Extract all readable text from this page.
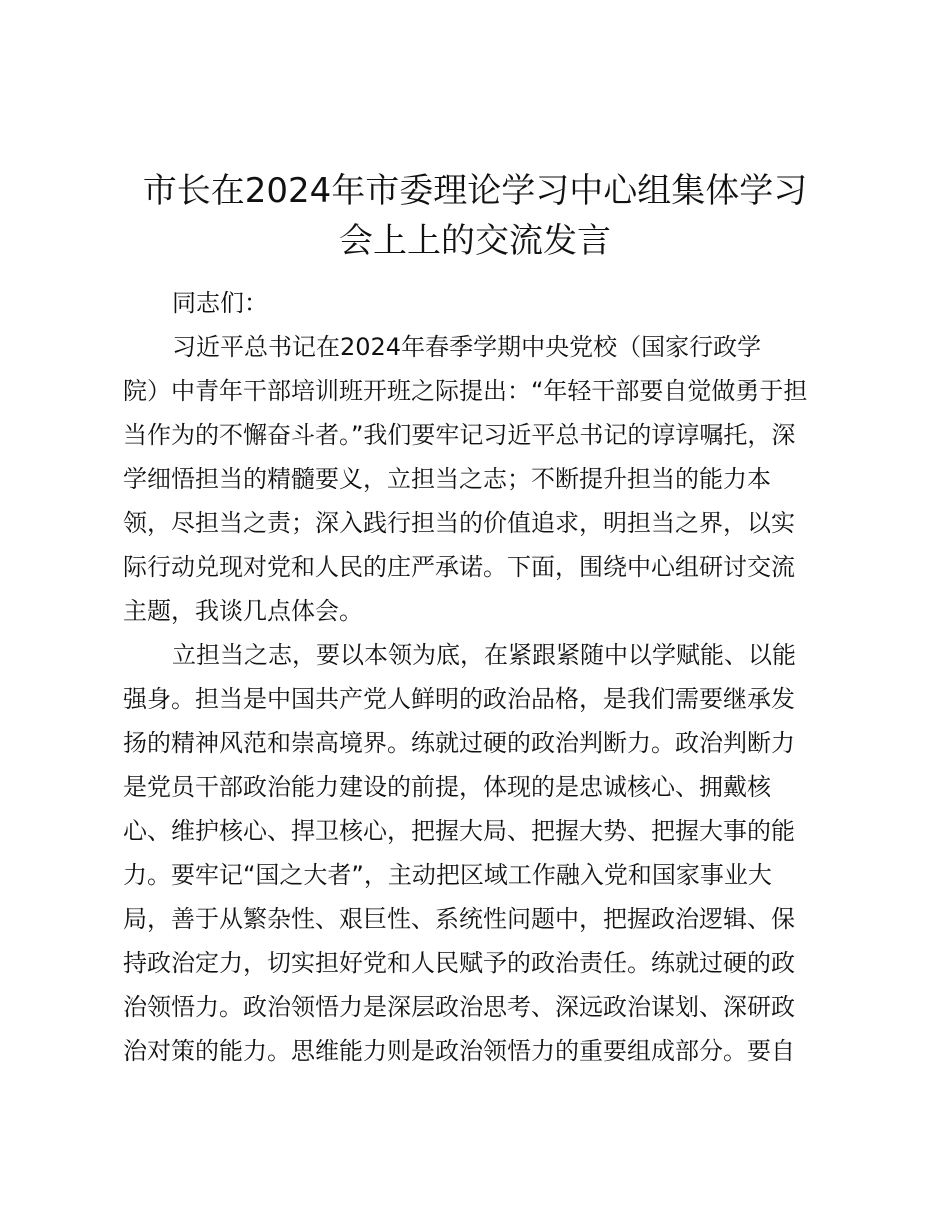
市长在2024年市委理论学习中心组集体学习
会上上的交流发言
同志们：
习近平总书记在2024年春季学期中央党校（国家行政学
院）中青年干部培训班开班之际提出：“年轻干部要自觉做勇于担
当作为的不懈奋斗者。”我们要牢记习近平总书记的谆谆嘱托，深
学细悟担当的精髓要义，立担当之志；不断提升担当的能力本
领，尽担当之责；深入践行担当的价值追求，明担当之界，以实
际行动兑现对党和人民的庄严承诺。下面，围绕中心组研讨交流
主题，我谈几点体会。
立担当之志，要以本领为底，在紧跟紧随中以学赋能、以能
强身。担当是中国共产党人鲜明的政治品格，是我们需要继承发
扬的精神风范和崇高境界。练就过硬的政治判断力。政治判断力
是党员干部政治能力建设的前提，体现的是忠诚核心、拥戴核
心、维护核心、捍卫核心，把握大局、把握大势、把握大事的能
力。要牢记“国之大者”，主动把区域工作融入党和国家事业大
局，善于从繁杂性、艰巨性、系统性问题中，把握政治逻辑、保
持政治定力，切实担好党和人民赋予的政治责任。练就过硬的政
治领悟力。政治领悟力是深层政治思考、深远政治谋划、深研政
治对策的能力。思维能力则是政治领悟力的重要组成部分。要自
